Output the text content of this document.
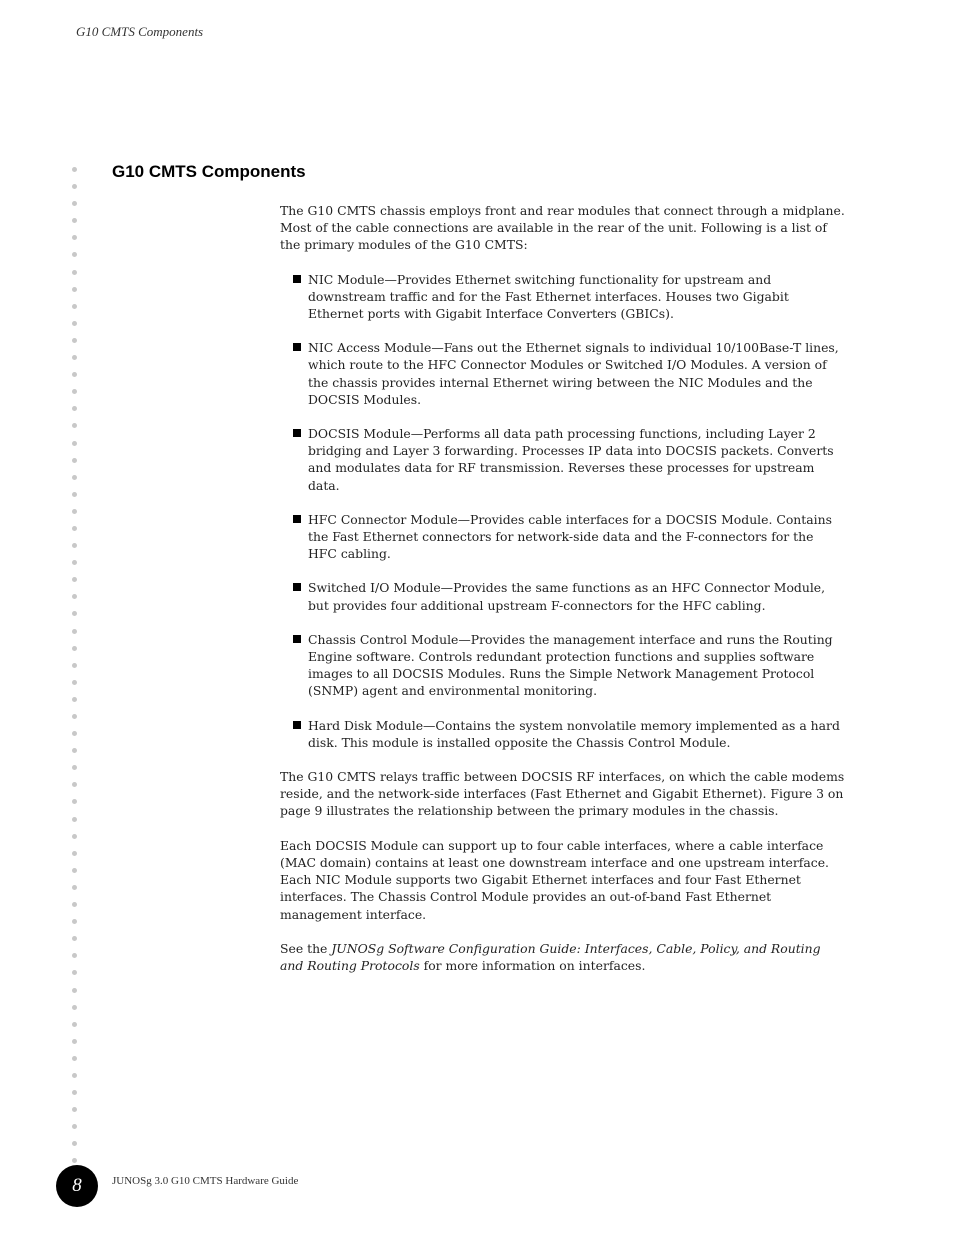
G10 CMTS Components
G10 CMTS Components

The G10 CMTS chassis employs front and rear modules that connect through a midplane. Most of the cable connections are available in the rear of the unit. Following is a list of the primary modules of the G10 CMTS:

NIC Module—Provides Ethernet switching functionality for upstream and downstream traffic and for the Fast Ethernet interfaces. Houses two Gigabit Ethernet ports with Gigabit Interface Converters (GBICs).
NIC Access Module—Fans out the Ethernet signals to individual 10/100Base-T lines, which route to the HFC Connector Modules or Switched I/O Modules. A version of the chassis provides internal Ethernet wiring between the NIC Modules and the DOCSIS Modules.
DOCSIS Module—Performs all data path processing functions, including Layer 2 bridging and Layer 3 forwarding. Processes IP data into DOCSIS packets. Converts and modulates data for RF transmission. Reverses these processes for upstream data.
HFC Connector Module—Provides cable interfaces for a DOCSIS Module. Contains the Fast Ethernet connectors for network-side data and the F-connectors for the HFC cabling.
Switched I/O Module—Provides the same functions as an HFC Connector Module, but provides four additional upstream F-connectors for the HFC cabling.
Chassis Control Module—Provides the management interface and runs the Routing Engine software. Controls redundant protection functions and supplies software images to all DOCSIS Modules. Runs the Simple Network Management Protocol (SNMP) agent and environmental monitoring.
Hard Disk Module—Contains the system nonvolatile memory implemented as a hard disk. This module is installed opposite the Chassis Control Module.

The G10 CMTS relays traffic between DOCSIS RF interfaces, on which the cable modems reside, and the network-side interfaces (Fast Ethernet and Gigabit Ethernet). Figure 3 on page 9 illustrates the relationship between the primary modules in the chassis.

Each DOCSIS Module can support up to four cable interfaces, where a cable interface (MAC domain) contains at least one downstream interface and one upstream interface. Each NIC Module supports two Gigabit Ethernet interfaces and four Fast Ethernet interfaces. The Chassis Control Module provides an out-of-band Fast Ethernet management interface.

See the JUNOSg Software Configuration Guide: Interfaces, Cable, Policy, and Routing and Routing Protocols for more information on interfaces.

8	JUNOSg 3.0 G10 CMTS Hardware Guide
